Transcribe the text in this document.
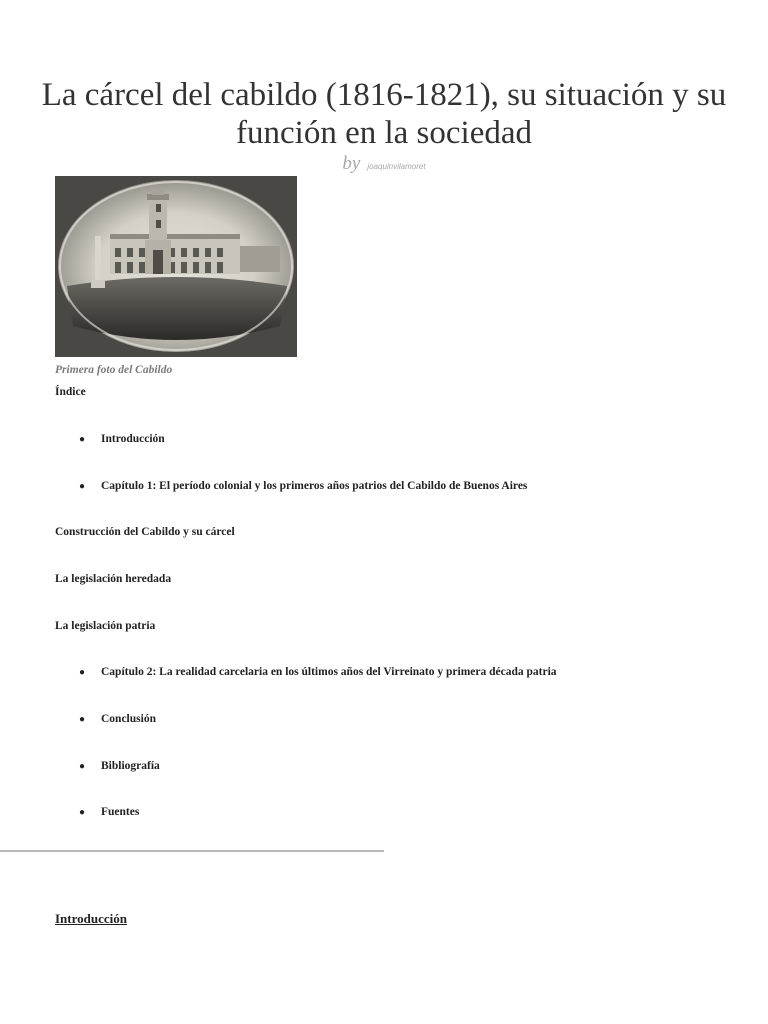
La cárcel del cabildo (1816-1821), su situación y su función en la sociedad
by joaquinvilamoret
Primera foto del Cabildo
Índice
● Introducción
● Capítulo 1: El período colonial y los primeros años patrios del Cabildo de Buenos Aires
Construcción del Cabildo y su cárcel
La legislación heredada
La legislación patria
● Capítulo 2: La realidad carcelaria en los últimos años del Virreinato y primera década patria
● Conclusión
● Bibliografía
● Fuentes
Introducción
